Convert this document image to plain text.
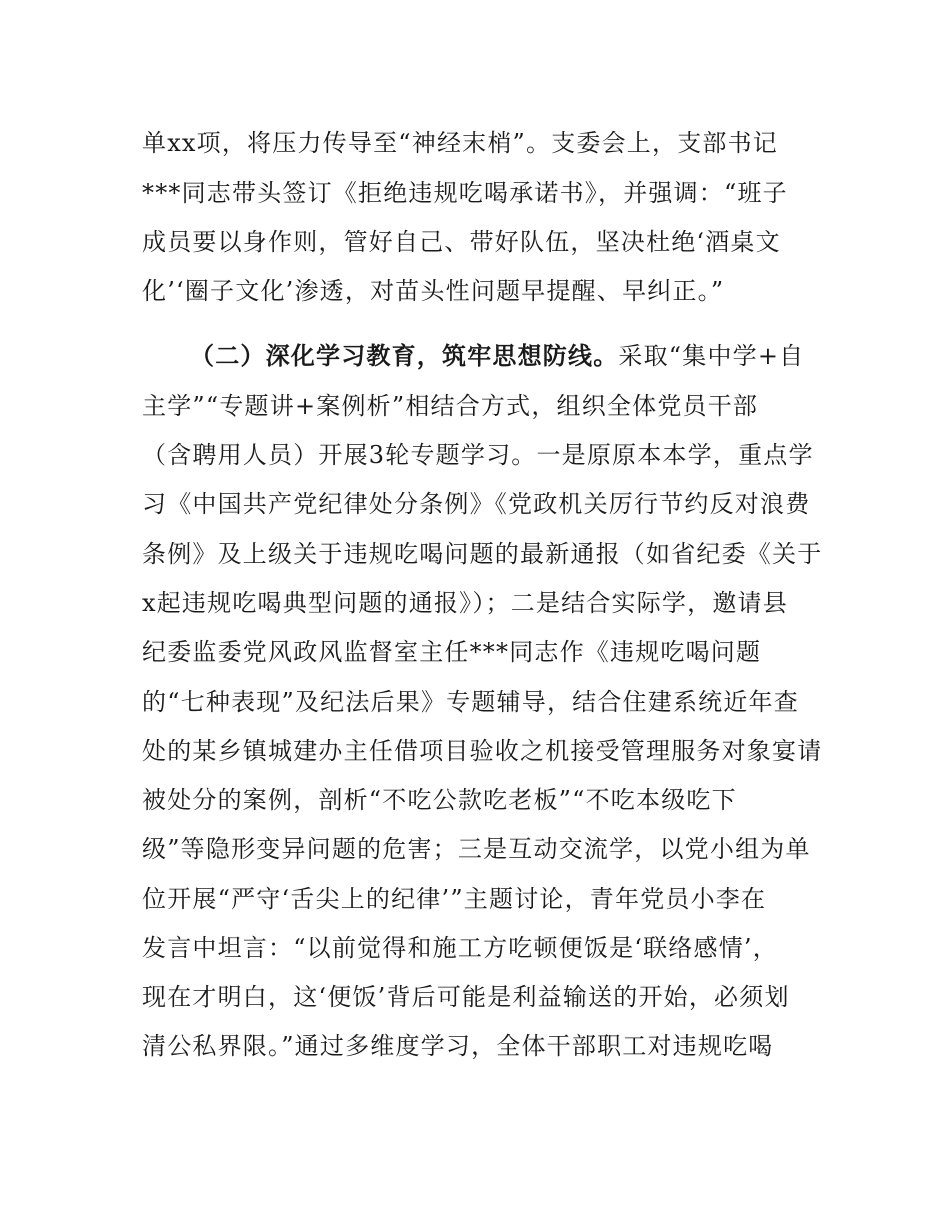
单xx项，将压力传导至“神经末梢”。支委会上，支部书记
***同志带头签订《拒绝违规吃喝承诺书》，并强调：“班子
成员要以身作则，管好自己、带好队伍，坚决杜绝‘酒桌文
化’‘圈子文化’渗透，对苗头性问题早提醒、早纠正。”
（二）深化学习教育，筑牢思想防线。采取“集中学+自
主学”“专题讲+案例析”相结合方式，组织全体党员干部
（含聘用人员）开展3轮专题学习。一是原原本本学，重点学
习《中国共产党纪律处分条例》《党政机关厉行节约反对浪费
条例》及上级关于违规吃喝问题的最新通报（如省纪委《关于
x起违规吃喝典型问题的通报》）；二是结合实际学，邀请县
纪委监委党风政风监督室主任***同志作《违规吃喝问题
的“七种表现”及纪法后果》专题辅导，结合住建系统近年查
处的某乡镇城建办主任借项目验收之机接受管理服务对象宴请
被处分的案例，剖析“不吃公款吃老板”“不吃本级吃下
级”等隐形变异问题的危害；三是互动交流学，以党小组为单
位开展“严守‘舌尖上的纪律’”主题讨论，青年党员小李在
发言中坦言：“以前觉得和施工方吃顿便饭是‘联络感情’，
现在才明白，这‘便饭’背后可能是利益输送的开始，必须划
清公私界限。”通过多维度学习，全体干部职工对违规吃喝
